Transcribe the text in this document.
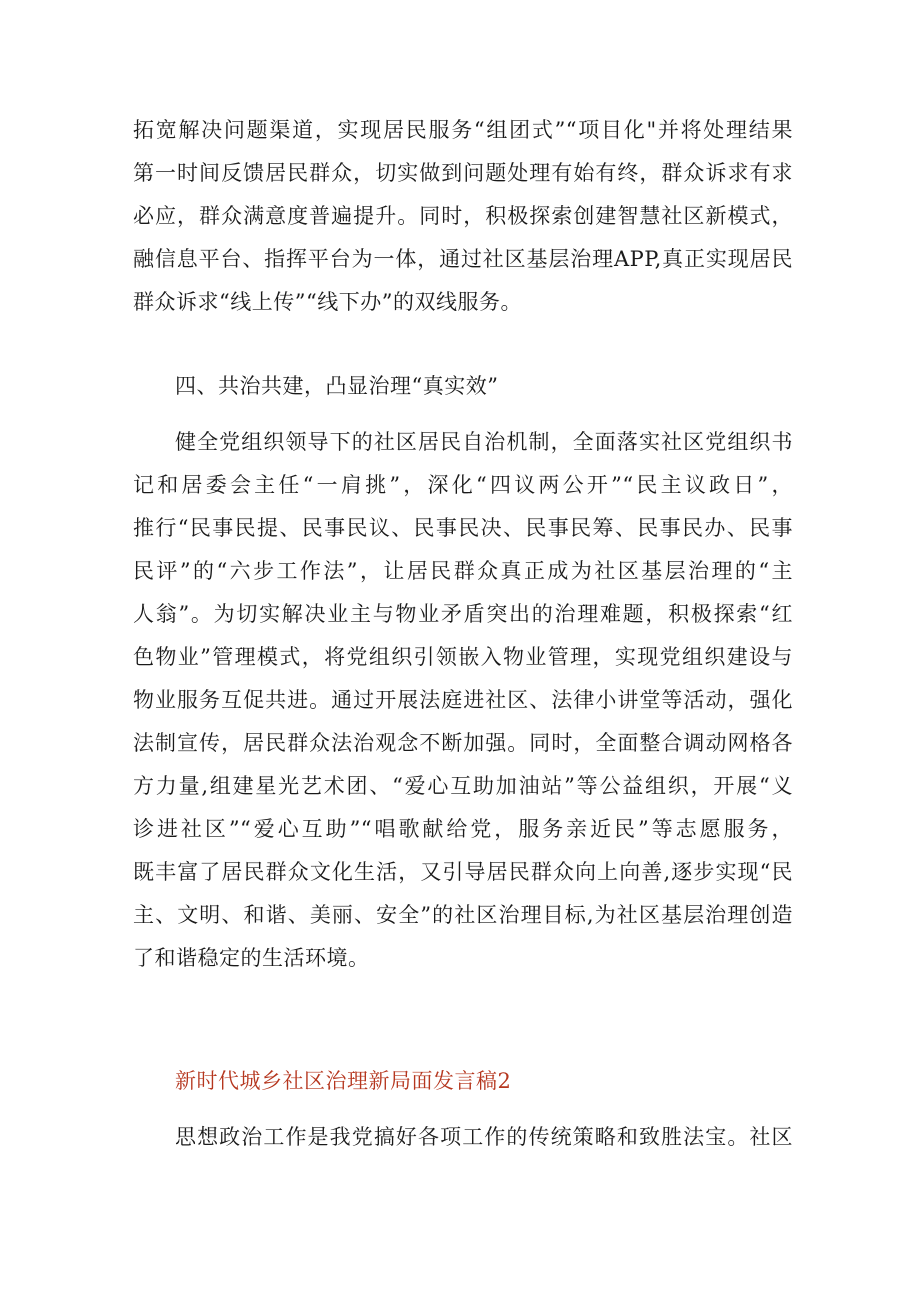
拓宽解决问题渠道，实现居民服务“组团式”“项目化"并将处理结果
第一时间反馈居民群众，切实做到问题处理有始有终，群众诉求有求
必应，群众满意度普遍提升。同时，积极探索创建智慧社区新模式，
融信息平台、指挥平台为一体，通过社区基层治理APP,真正实现居民
群众诉求“线上传”“线下办”的双线服务。
四、共治共建，凸显治理“真实效”
健全党组织领导下的社区居民自治机制，全面落实社区党组织书
记和居委会主任“一肩挑”，深化“四议两公开”“民主议政日”，
推行“民事民提、民事民议、民事民决、民事民筹、民事民办、民事
民评”的“六步工作法”，让居民群众真正成为社区基层治理的“主
人翁”。为切实解决业主与物业矛盾突出的治理难题，积极探索“红
色物业”管理模式，将党组织引领嵌入物业管理，实现党组织建设与
物业服务互促共进。通过开展法庭进社区、法律小讲堂等活动，强化
法制宣传，居民群众法治观念不断加强。同时，全面整合调动网格各
方力量,组建星光艺术团、“爱心互助加油站”等公益组织，开展“义
诊进社区”“爱心互助”“唱歌献给党，服务亲近民”等志愿服务，
既丰富了居民群众文化生活，又引导居民群众向上向善,逐步实现“民
主、文明、和谐、美丽、安全”的社区治理目标,为社区基层治理创造
了和谐稳定的生活环境。
新时代城乡社区治理新局面发言稿2
思想政治工作是我党搞好各项工作的传统策略和致胜法宝。社区
